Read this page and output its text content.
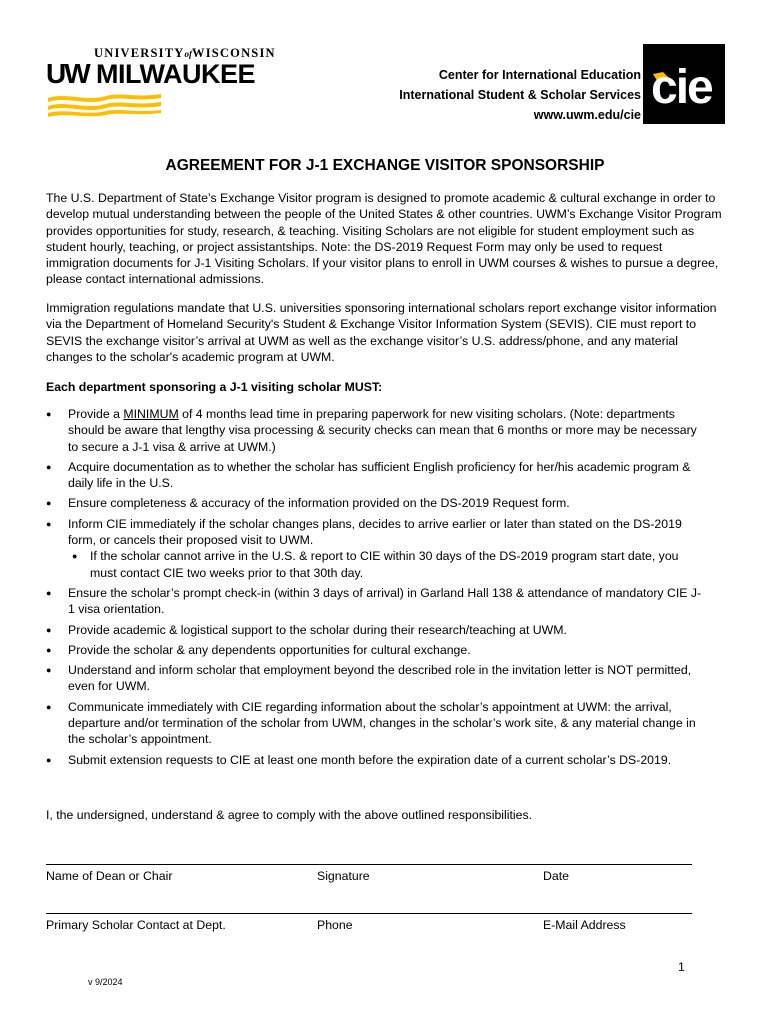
UNIVERSITYofWISCONSIN
UW MILWAUKEE	Center for International Education
International Student & Scholar Services
www.uwm.edu/cie
cie
AGREEMENT FOR J-1 EXCHANGE VISITOR SPONSORSHIP
The U.S. Department of State’s Exchange Visitor program is designed to promote academic & cultural exchange in order to develop mutual understanding between the people of the United States & other countries. UWM’s Exchange Visitor Program provides opportunities for study, research, & teaching. Visiting Scholars are not eligible for student employment such as student hourly, teaching, or project assistantships. Note: the DS-2019 Request Form may only be used to request immigration documents for J-1 Visiting Scholars. If your visitor plans to enroll in UWM courses & wishes to pursue a degree, please contact international admissions.
Immigration regulations mandate that U.S. universities sponsoring international scholars report exchange visitor information via the Department of Homeland Security's Student & Exchange Visitor Information System (SEVIS). CIE must report to SEVIS the exchange visitor’s arrival at UWM as well as the exchange visitor’s U.S. address/phone, and any material changes to the scholar's academic program at UWM.
Each department sponsoring a J-1 visiting scholar MUST:
● Provide a MINIMUM of 4 months lead time in preparing paperwork for new visiting scholars. (Note: departments should be aware that lengthy visa processing & security checks can mean that 6 months or more may be necessary to secure a J-1 visa & arrive at UWM.)
● Acquire documentation as to whether the scholar has sufficient English proficiency for her/his academic program & daily life in the U.S.
● Ensure completeness & accuracy of the information provided on the DS-2019 Request form.
● Inform CIE immediately if the scholar changes plans, decides to arrive earlier or later than stated on the DS-2019 form, or cancels their proposed visit to UWM.
● If the scholar cannot arrive in the U.S. & report to CIE within 30 days of the DS-2019 program start date, you must contact CIE two weeks prior to that 30th day.
● Ensure the scholar’s prompt check-in (within 3 days of arrival) in Garland Hall 138 & attendance of mandatory CIE J-1 visa orientation.
● Provide academic & logistical support to the scholar during their research/teaching at UWM.
● Provide the scholar & any dependents opportunities for cultural exchange.
● Understand and inform scholar that employment beyond the described role in the invitation letter is NOT permitted, even for UWM.
● Communicate immediately with CIE regarding information about the scholar’s appointment at UWM: the arrival, departure and/or termination of the scholar from UWM, changes in the scholar’s work site, & any material change in the scholar’s appointment.
● Submit extension requests to CIE at least one month before the expiration date of a current scholar’s DS-2019.
I, the undersigned, understand & agree to comply with the above outlined responsibilities.
Name of Dean or Chair	Signature	Date
Primary Scholar Contact at Dept.	Phone	E-Mail Address
1
v 9/2024
